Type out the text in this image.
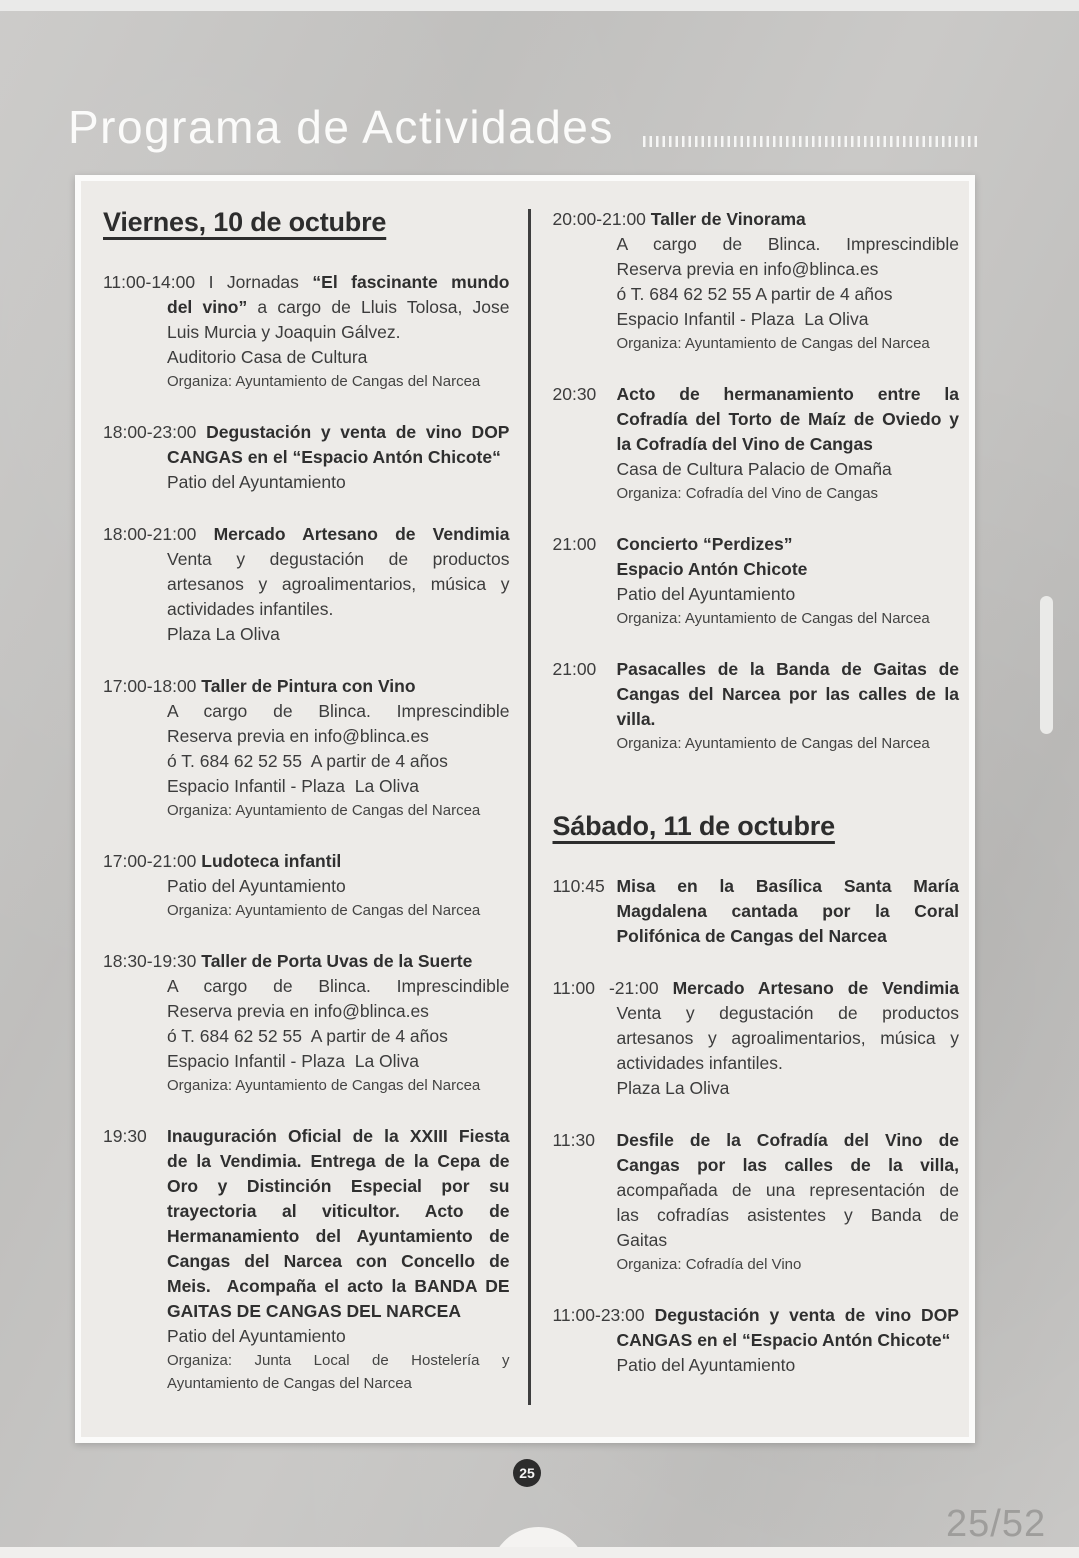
Programa de Actividades
Viernes, 10 de octubre
11:00-14:00 I Jornadas “El fascinante mundo
del vino” a cargo de Lluis Tolosa, Jose
Luis Murcia y Joaquin Gálvez.
Auditorio Casa de Cultura
Organiza: Ayuntamiento de Cangas del Narcea
18:00-23:00 Degustación y venta de vino DOP
CANGAS en el “Espacio Antón Chicote“
Patio del Ayuntamiento
18:00-21:00 Mercado Artesano de Vendimia
Venta y degustación de productos
artesanos y agroalimentarios, música y
actividades infantiles.
Plaza La Oliva
17:00-18:00 Taller de Pintura con Vino
A cargo de Blinca. Imprescindible
Reserva previa en info@blinca.es
ó T. 684 62 52 55  A partir de 4 años
Espacio Infantil - Plaza  La Oliva
Organiza: Ayuntamiento de Cangas del Narcea
17:00-21:00 Ludoteca infantil
Patio del Ayuntamiento
Organiza: Ayuntamiento de Cangas del Narcea
18:30-19:30 Taller de Porta Uvas de la Suerte
A cargo de Blinca. Imprescindible
Reserva previa en info@blinca.es
ó T. 684 62 52 55  A partir de 4 años
Espacio Infantil - Plaza  La Oliva
Organiza: Ayuntamiento de Cangas del Narcea
19:30 Inauguración Oficial de la XXIII Fiesta
de la Vendimia. Entrega de la Cepa de
Oro y Distinción Especial por su
trayectoria al viticultor. Acto de
Hermanamiento del Ayuntamiento de
Cangas del Narcea con Concello de
Meis.  Acompaña el acto la BANDA DE
GAITAS DE CANGAS DEL NARCEA
Patio del Ayuntamiento
Organiza: Junta Local de Hostelería y
Ayuntamiento de Cangas del Narcea
20:00-21:00 Taller de Vinorama
A cargo de Blinca. Imprescindible
Reserva previa en info@blinca.es
ó T. 684 62 52 55 A partir de 4 años
Espacio Infantil - Plaza  La Oliva
Organiza: Ayuntamiento de Cangas del Narcea
20:30 Acto de hermanamiento entre la
Cofradía del Torto de Maíz de Oviedo y
la Cofradía del Vino de Cangas
Casa de Cultura Palacio de Omaña
Organiza: Cofradía del Vino de Cangas
21:00 Concierto “Perdizes”
Espacio Antón Chicote
Patio del Ayuntamiento
Organiza: Ayuntamiento de Cangas del Narcea
21:00 Pasacalles de la Banda de Gaitas de
Cangas del Narcea por las calles de la
villa.
Organiza: Ayuntamiento de Cangas del Narcea
Sábado, 11 de octubre
110:45 Misa en la Basílica Santa María
Magdalena cantada por la Coral
Polifónica de Cangas del Narcea
11:00 -21:00 Mercado Artesano de Vendimia
Venta y degustación de productos
artesanos y agroalimentarios, música y
actividades infantiles.
Plaza La Oliva
11:30 Desfile de la Cofradía del Vino de
Cangas por las calles de la villa,
acompañada de una representación de
las cofradías asistentes y Banda de
Gaitas
Organiza: Cofradía del Vino
11:00-23:00 Degustación y venta de vino DOP
CANGAS en el “Espacio Antón Chicote“
Patio del Ayuntamiento
25
25/52
